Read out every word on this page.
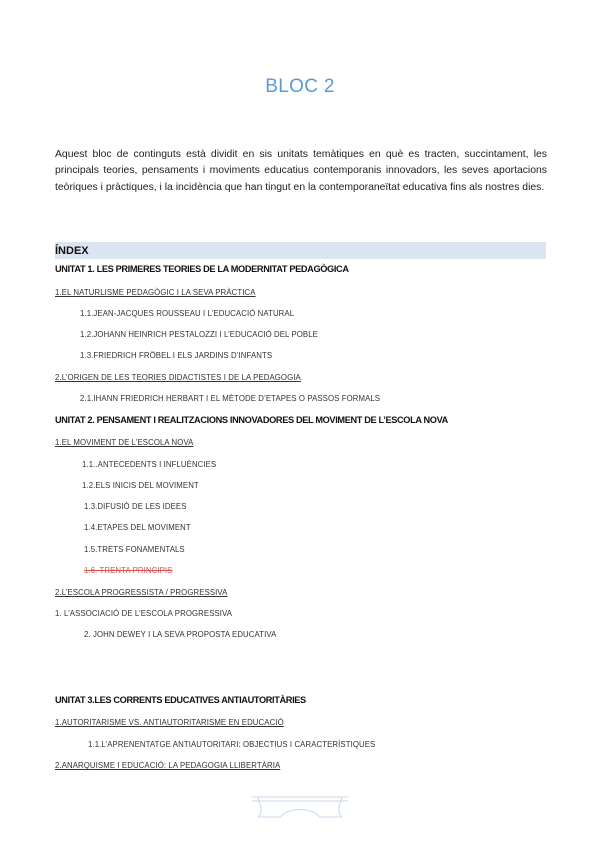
BLOC 2
Aquest bloc de continguts està dividit en sis unitats temàtiques en què es tracten, succintament, les principals teories, pensaments i moviments educatius contemporanis innovadors, les seves aportacions teòriques i pràctiques, i la incidència que han tingut en la contemporaneïtat educativa fins als nostres dies.
ÍNDEX
UNITAT 1. LES PRIMERES TEORIES DE LA MODERNITAT PEDAGÒGICA
1.EL NATURLISME PEDAGÒGIC I LA SEVA PRÀCTICA
1.1.JEAN-JACQUES ROUSSEAU I L’EDUCACIÓ NATURAL
1.2.JOHANN HEINRICH PESTALOZZI I L’EDUCACIÓ DEL POBLE
1.3.FRIEDRICH FRÖBEL I ELS JARDINS D’INFANTS
2.L’ORIGEN DE LES TEORIES DIDACTISTES I DE LA PEDAGOGIA
2.1.IHANN FRIEDRICH HERBART I EL MÈTODE D’ETAPES O PASSOS FORMALS
UNITAT 2. PENSAMENT I REALITZACIONS INNOVADORES DEL MOVIMENT DE L’ESCOLA NOVA
1.EL MOVIMENT DE L’ESCOLA NOVA
1.1..ANTECEDENTS I INFLUÈNCIES
1.2.ELS INICIS DEL MOVIMENT
1.3.DIFUSIÓ DE LES IDEES
1.4.ETAPES DEL MOVIMENT
1.5.TRETS FONAMENTALS
1.6. TRENTA PRINCIPIS
2.L’ESCOLA PROGRESSISTA / PROGRESSIVA
1. L’ASSOCIACIÓ DE L’ESCOLA PROGRESSIVA
2. JOHN DEWEY I LA SEVA PROPOSTA EDUCATIVA
UNITAT 3.LES CORRENTS EDUCATIVES ANTIAUTORITÀRIES
1.AUTORITARISME VS. ANTIAUTORITARISME EN EDUCACIÓ
1.1.L’APRENENTATGE ANTIAUTORITARI: OBJECTIUS I CARACTERÍSTIQUES
2.ANARQUISME I EDUCACIÓ: LA PEDAGOGIA LLIBERTÀRIA
